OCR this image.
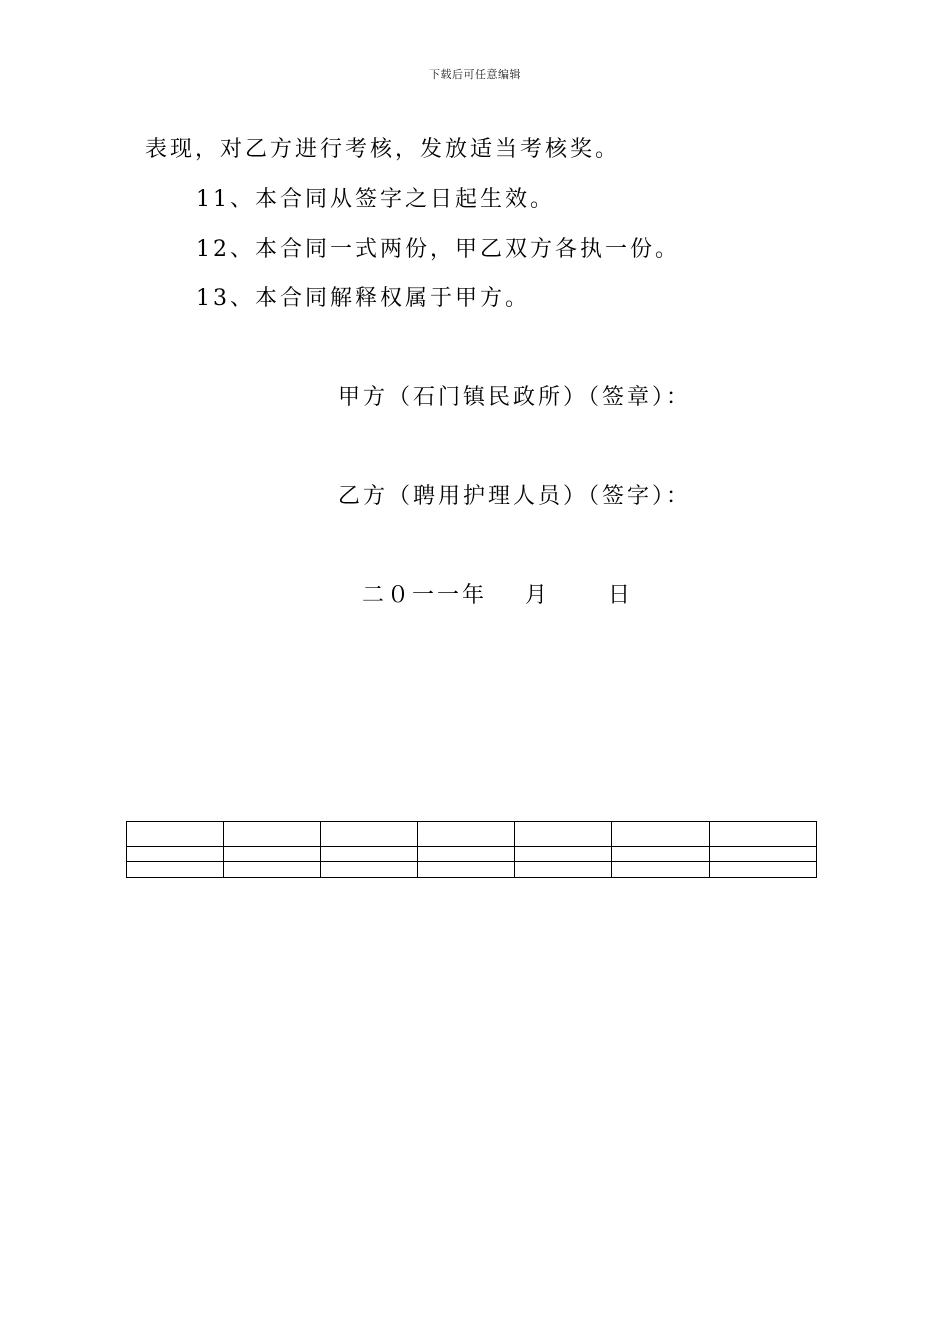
下载后可任意编辑
表现，对乙方进行考核，发放适当考核奖。
11、本合同从签字之日起生效。
12、本合同一式两份，甲乙双方各执一份。
13、本合同解释权属于甲方。
甲方（石门镇民政所）（签章）：
乙方（聘用护理人员）（签字）：
二０一一年 月	日
